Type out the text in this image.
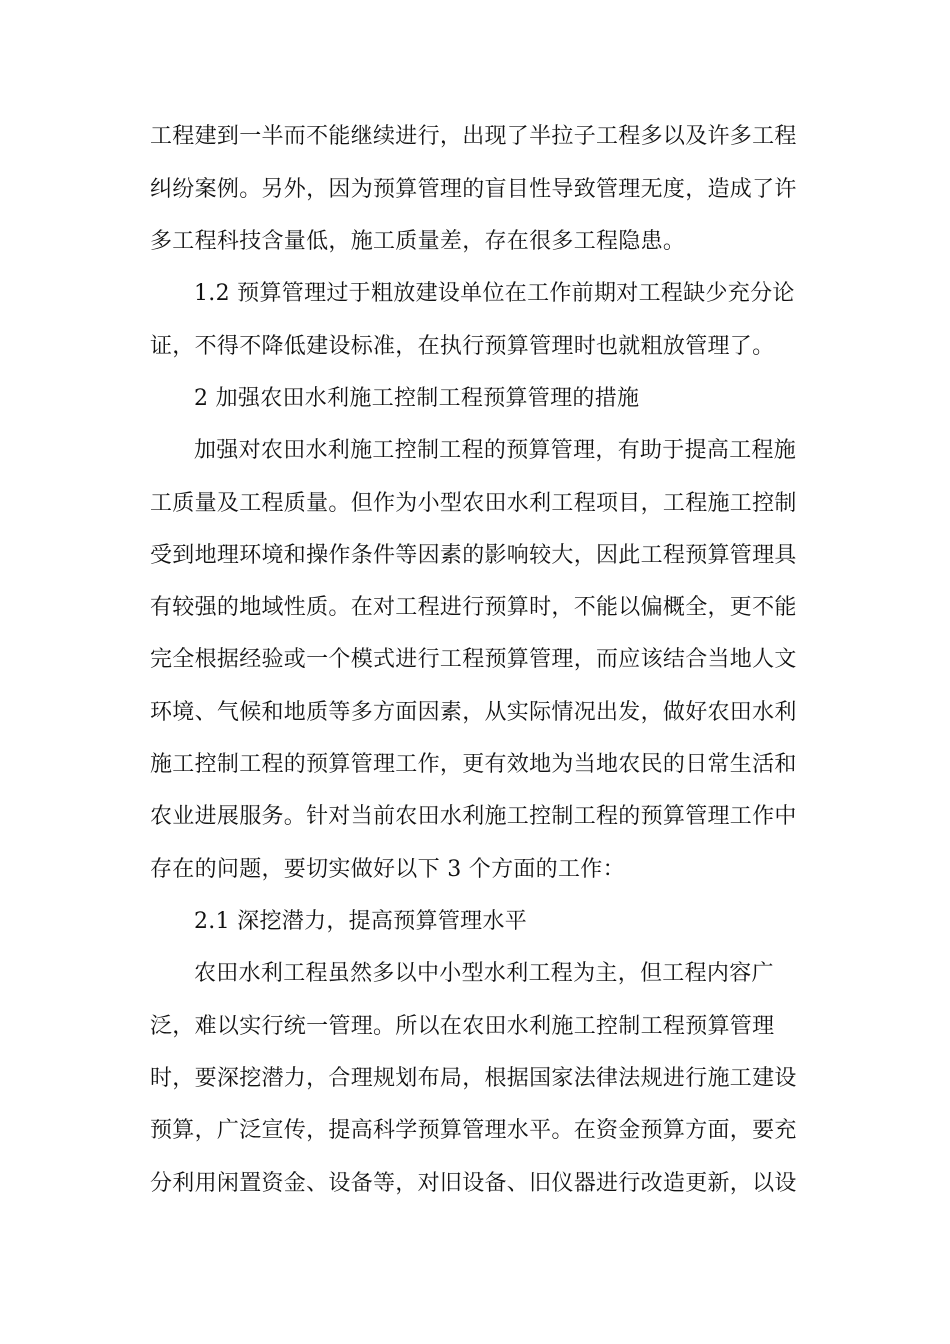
工程建到一半而不能继续进行，出现了半拉子工程多以及许多工程
纠纷案例。另外，因为预算管理的盲目性导致管理无度，造成了许
多工程科技含量低，施工质量差，存在很多工程隐患。
1.2 预算管理过于粗放建设单位在工作前期对工程缺少充分论
证，不得不降低建设标准，在执行预算管理时也就粗放管理了。
2 加强农田水利施工控制工程预算管理的措施
加强对农田水利施工控制工程的预算管理，有助于提高工程施
工质量及工程质量。但作为小型农田水利工程项目，工程施工控制
受到地理环境和操作条件等因素的影响较大，因此工程预算管理具
有较强的地域性质。在对工程进行预算时，不能以偏概全，更不能
完全根据经验或一个模式进行工程预算管理，而应该结合当地人文
环境、气候和地质等多方面因素，从实际情况出发，做好农田水利
施工控制工程的预算管理工作，更有效地为当地农民的日常生活和
农业进展服务。针对当前农田水利施工控制工程的预算管理工作中
存在的问题，要切实做好以下 3 个方面的工作：
2.1 深挖潜力，提高预算管理水平
农田水利工程虽然多以中小型水利工程为主，但工程内容广
泛，难以实行统一管理。所以在农田水利施工控制工程预算管理
时，要深挖潜力，合理规划布局，根据国家法律法规进行施工建设
预算，广泛宣传，提高科学预算管理水平。在资金预算方面，要充
分利用闲置资金、设备等，对旧设备、旧仪器进行改造更新，以设
